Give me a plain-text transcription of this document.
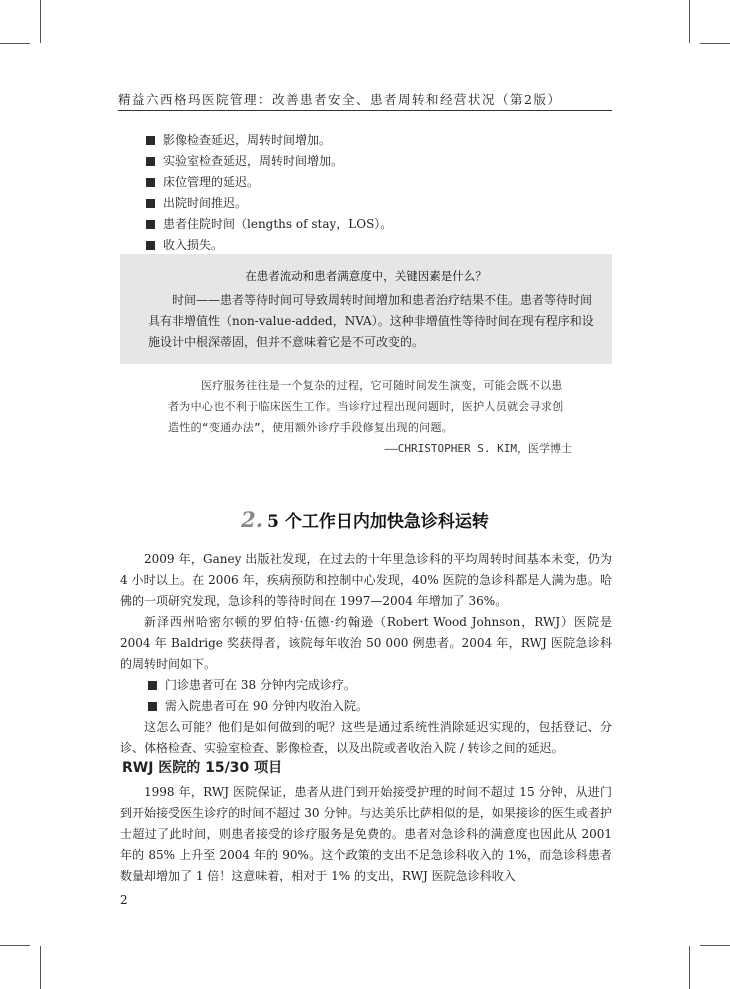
精益六西格玛医院管理：改善患者安全、患者周转和经营状况（第2版）
影像检查延迟，周转时间增加。
实验室检查延迟，周转时间增加。
床位管理的延迟。
出院时间推迟。
患者住院时间（lengths of stay，LOS）。
收入损失。
在患者流动和患者满意度中，关键因素是什么？

时间——患者等待时间可导致周转时间增加和患者治疗结果不佳。患者等待时间具有非增值性（non-value-added，NVA）。这种非增值性等待时间在现有程序和设施设计中根深蒂固，但并不意味着它是不可改变的。

医疗服务往往是一个复杂的过程，它可随时间发生演变，可能会既不以患者为中心也不利于临床医生工作。当诊疗过程出现问题时，医护人员就会寻求创造性的“变通办法”，使用额外诊疗手段修复出现的问题。

——CHRISTOPHER S. KIM，医学博士

2. 5 个工作日内加快急诊科运转

2009 年，Ganey 出版社发现，在过去的十年里急诊科的平均周转时间基本未变，仍为 4 小时以上。在 2006 年，疾病预防和控制中心发现，40% 医院的急诊科都是人满为患。哈佛的一项研究发现，急诊科的等待时间在 1997—2004 年增加了 36%。

新泽西州哈密尔顿的罗伯特·伍德·约翰逊（Robert Wood Johnson，RWJ）医院是 2004 年 Baldrige 奖获得者，该院每年收治 50 000 例患者。2004 年，RWJ 医院急诊科的周转时间如下。

门诊患者可在 38 分钟内完成诊疗。
需入院患者可在 90 分钟内收治入院。

这怎么可能？他们是如何做到的呢？这些是通过系统性消除延迟实现的，包括登记、分诊、体格检查、实验室检查、影像检查，以及出院或者收治入院 / 转诊之间的延迟。

RWJ 医院的 15/30 项目

1998 年，RWJ 医院保证，患者从进门到开始接受护理的时间不超过 15 分钟，从进门到开始接受医生诊疗的时间不超过 30 分钟。与达美乐比萨相似的是，如果接诊的医生或者护士超过了此时间，则患者接受的诊疗服务是免费的。患者对急诊科的满意度也因此从 2001 年的 85% 上升至 2004 年的 90%。这个政策的支出不足急诊科收入的 1%，而急诊科患者数量却增加了 1 倍！这意味着，相对于 1% 的支出，RWJ 医院急诊科收入

2
